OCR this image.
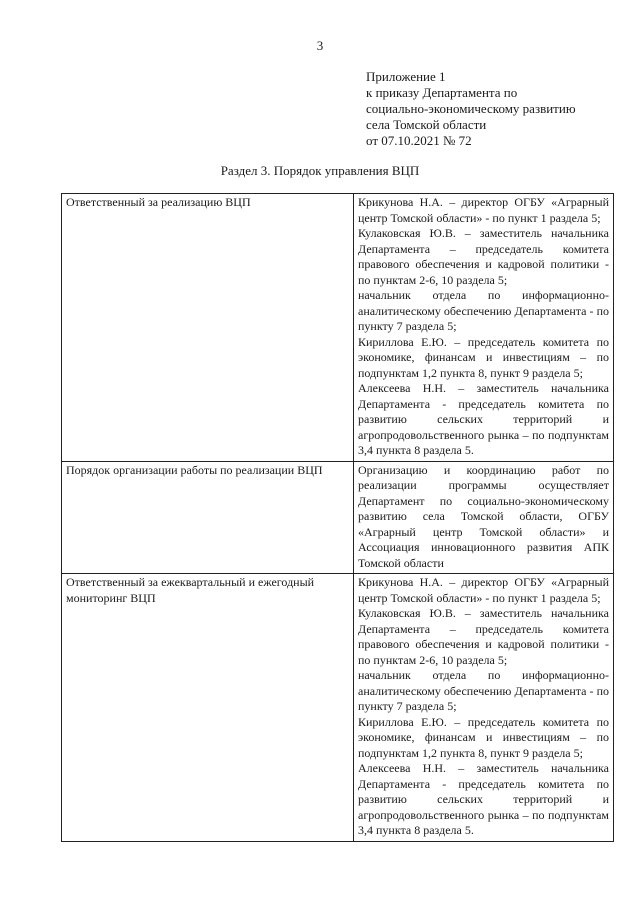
3
Приложение 1
к приказу Департамента по
социально-экономическому развитию
села Томской области
от 07.10.2021 № 72
Раздел 3. Порядок управления ВЦП
Ответственный за реализацию ВЦП	Крикунова Н.А. – директор ОГБУ «Аграрный центр Томской области» - по пункт 1 раздела 5;
Кулаковская Ю.В. – заместитель начальника Департамента – председатель комитета правового обеспечения и кадровой политики - по пунктам 2-6, 10 раздела 5;
начальник отдела по информационно-аналитическому обеспечению Департамента - по пункту 7 раздела 5;
Кириллова Е.Ю. – председатель комитета по экономике, финансам и инвестициям – по подпунктам 1,2 пункта 8, пункт 9 раздела 5;
Алексеева Н.Н. – заместитель начальника Департамента - председатель комитета по развитию сельских территорий и агропродовольственного рынка – по подпунктам 3,4 пункта 8 раздела 5.

Порядок организации работы по реализации ВЦП	Организацию и координацию работ по реализации программы осуществляет Департамент по социально-экономическому развитию села Томской области, ОГБУ «Аграрный центр Томской области» и Ассоциация инновационного развития АПК Томской области

Ответственный за ежеквартальный и ежегодный мониторинг ВЦП	Крикунова Н.А. – директор ОГБУ «Аграрный центр Томской области» - по пункт 1 раздела 5;
Кулаковская Ю.В. – заместитель начальника Департамента – председатель комитета правового обеспечения и кадровой политики - по пунктам 2-6, 10 раздела 5;
начальник отдела по информационно-аналитическому обеспечению Департамента - по пункту 7 раздела 5;
Кириллова Е.Ю. – председатель комитета по экономике, финансам и инвестициям – по подпунктам 1,2 пункта 8, пункт 9 раздела 5;
Алексеева Н.Н. – заместитель начальника Департамента - председатель комитета по развитию сельских территорий и агропродовольственного рынка – по подпунктам 3,4 пункта 8 раздела 5.
